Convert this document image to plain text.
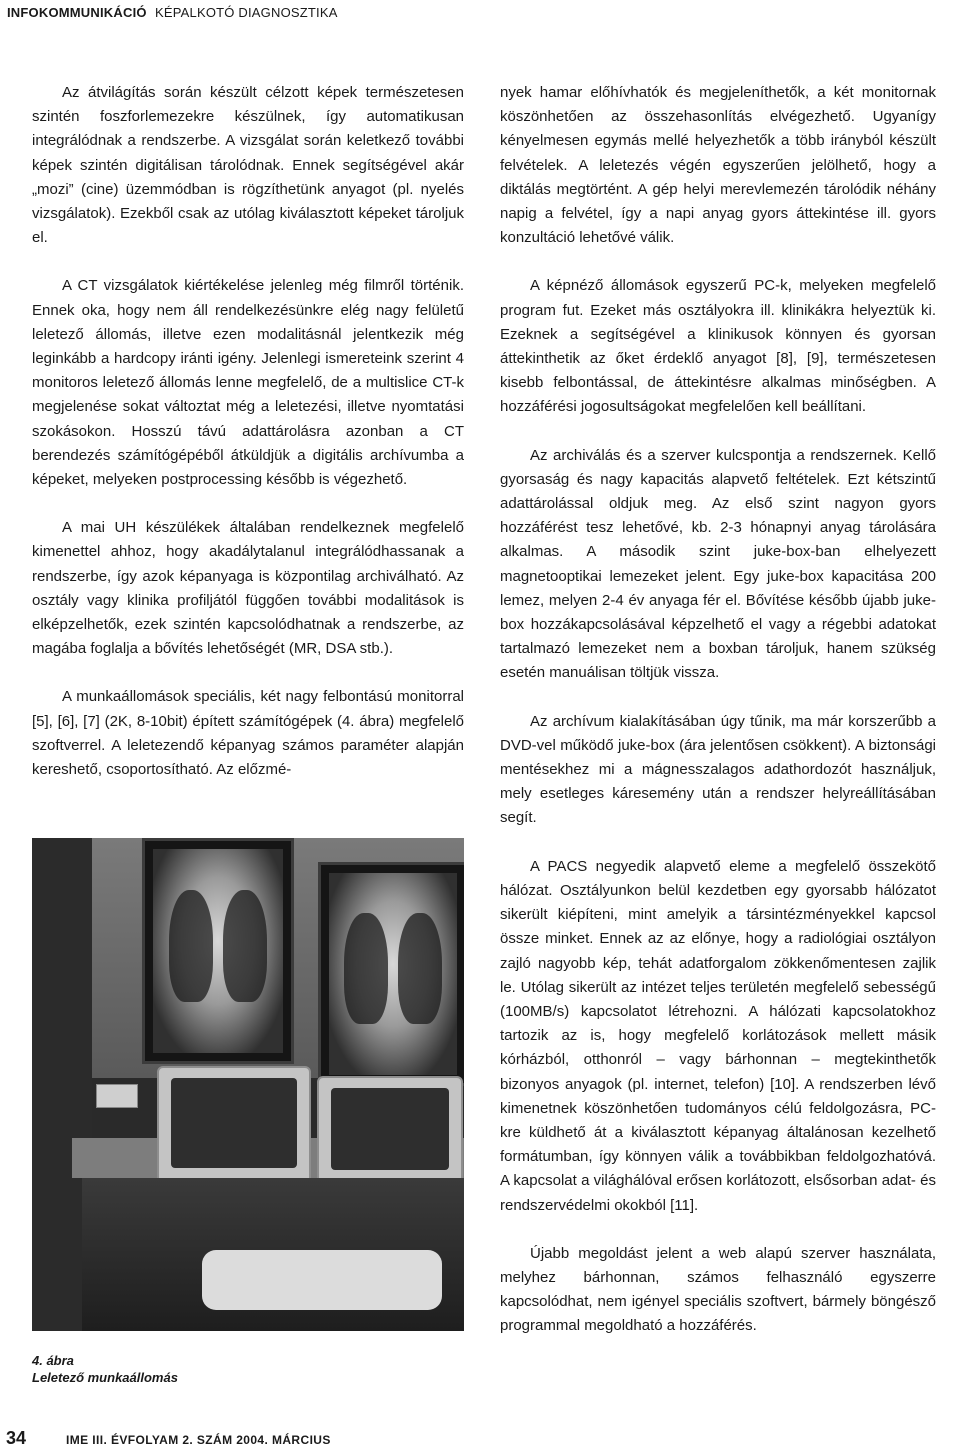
INFOKOMMUNIKÁCIÓ KÉPALKOTÓ DIAGNOSZTIKA

Az átvilágítás során készült célzott képek természetesen szintén foszforlemezekre készülnek, így automatikusan integrálódnak a rendszerbe. A vizsgálat során keletkező további képek szintén digitálisan tárolódnak. Ennek segítségével akár „mozi” (cine) üzemmódban is rögzíthetünk anyagot (pl. nyelés vizsgálatok). Ezekből csak az utólag kiválasztott képeket tároljuk el.

A CT vizsgálatok kiértékelése jelenleg még filmről történik. Ennek oka, hogy nem áll rendelkezésünkre elég nagy felületű leletező állomás, illetve ezen modalitásnál jelentkezik még leginkább a hardcopy iránti igény. Jelenlegi ismereteink szerint 4 monitoros leletező állomás lenne megfelelő, de a multislice CT-k megjelenése sokat változtat még a leletezési, illetve nyomtatási szokásokon. Hosszú távú adattárolásra azonban a CT berendezés számítógépéből átküldjük a digitális archívumba a képeket, melyeken postprocessing később is végezhető.

A mai UH készülékek általában rendelkeznek megfelelő kimenettel ahhoz, hogy akadálytalanul integrálódhassanak a rendszerbe, így azok képanyaga is központilag archiválható. Az osztály vagy klinika profiljától függően további modalitások is elképzelhetők, ezek szintén kapcsolódhatnak a rendszerbe, az magába foglalja a bővítés lehetőségét (MR, DSA stb.).

A munkaállomások speciális, két nagy felbontású monitorral [5], [6], [7] (2K, 8-10bit) épített számítógépek (4. ábra) megfelelő szoftverrel. A leletezendő képanyag számos paraméter alapján kereshető, csoportosítható. Az előzmé-

4. ábra
Leletező munkaállomás

nyek hamar előhívhatók és megjeleníthetők, a két monitornak köszönhetően az összehasonlítás elvégezhető. Ugyanígy kényelmesen egymás mellé helyezhetők a több irányból készült felvételek. A leletezés végén egyszerűen jelölhető, hogy a diktálás megtörtént. A gép helyi merevlemezén tárolódik néhány napig a felvétel, így a napi anyag gyors áttekintése ill. gyors konzultáció lehetővé válik.

A képnéző állomások egyszerű PC-k, melyeken megfelelő program fut. Ezeket más osztályokra ill. klinikákra helyeztük ki. Ezeknek a segítségével a klinikusok könnyen és gyorsan áttekinthetik az őket érdeklő anyagot [8], [9], természetesen kisebb felbontással, de áttekintésre alkalmas minőségben. A hozzáférési jogosultságokat megfelelően kell beállítani.

Az archiválás és a szerver kulcspontja a rendszernek. Kellő gyorsaság és nagy kapacitás alapvető feltételek. Ezt kétszintű adattárolással oldjuk meg. Az első szint nagyon gyors hozzáférést tesz lehetővé, kb. 2-3 hónapnyi anyag tárolására alkalmas. A második szint juke-box-ban elhelyezett magnetooptikai lemezeket jelent. Egy juke-box kapacitása 200 lemez, melyen 2-4 év anyaga fér el. Bővítése később újabb juke-box hozzákapcsolásával képzelhető el vagy a régebbi adatokat tartalmazó lemezeket nem a boxban tároljuk, hanem szükség esetén manuálisan töltjük vissza.

Az archívum kialakításában úgy tűnik, ma már korszerűbb a DVD-vel működő juke-box (ára jelentősen csökkent). A biztonsági mentésekhez mi a mágnesszalagos adathordozót használjuk, mely esetleges káresemény után a rendszer helyreállításában segít.

A PACS negyedik alapvető eleme a megfelelő összekötő hálózat. Osztályunkon belül kezdetben egy gyorsabb hálózatot sikerült kiépíteni, mint amelyik a társintézményekkel kapcsol össze minket. Ennek az az előnye, hogy a radiológiai osztályon zajló nagyobb kép, tehát adatforgalom zökkenőmentesen zajlik le. Utólag sikerült az intézet teljes területén megfelelő sebességű (100MB/s) kapcsolatot létrehozni. A hálózati kapcsolatokhoz tartozik az is, hogy megfelelő korlátozások mellett másik kórházból, otthonról – vagy bárhonnan – megtekinthetők bizonyos anyagok (pl. internet, telefon) [10]. A rendszerben lévő kimenetnek köszönhetően tudományos célú feldolgozásra, PC-kre küldhető át a kiválasztott képanyag általánosan kezelhető formátumban, így könnyen válik a továbbikban feldolgozhatóvá. A kapcsolat a világhálóval erősen korlátozott, elsősorban adat- és rendszervédelmi okokból [11].

Újabb megoldást jelent a web alapú szerver használata, melyhez bárhonnan, számos felhasználó egyszerre kapcsolódhat, nem igényel speciális szoftvert, bármely böngésző programmal megoldható a hozzáférés.

34	IME III. ÉVFOLYAM 2. SZÁM 2004. MÁRCIUS
